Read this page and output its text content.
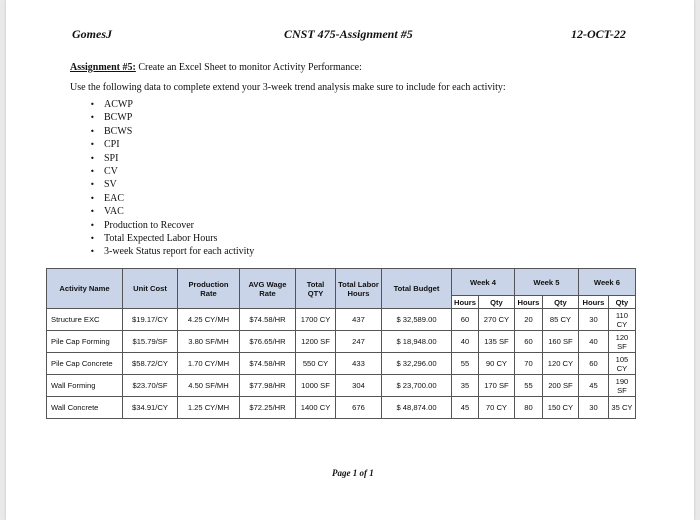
GomesJ	CNST 475-Assignment #5	12-OCT-22
Assignment #5: Create an Excel Sheet to monitor Activity Performance:
Use the following data to complete extend your 3-week trend analysis make sure to include for each activity:
• ACWP
• BCWP
• BCWS
• CPI
• SPI
• CV
• SV
• EAC
• VAC
• Production to Recover
• Total Expected Labor Hours
• 3-week Status report for each activity
Activity Name	Unit Cost	Production Rate	AVG Wage Rate	Total QTY	Total Labor Hours	Total Budget	Week 4		Week 5		Week 6	
							Hours	Qty	Hours	Qty	Hours	Qty
Structure EXC	$19.17/CY	4.25 CY/MH	$74.58/HR	1700 CY	437	$ 32,589.00	60	270 CY	20	85 CY	30	110 CY
Pile Cap Forming	$15.79/SF	3.80 SF/MH	$76.65/HR	1200 SF	247	$ 18,948.00	40	135 SF	60	160 SF	40	120 SF
Pile Cap Concrete	$58.72/CY	1.70 CY/MH	$74.58/HR	550 CY	433	$ 32,296.00	55	90 CY	70	120 CY	60	105 CY
Wall Forming	$23.70/SF	4.50 SF/MH	$77.98/HR	1000 SF	304	$ 23,700.00	35	170 SF	55	200 SF	45	190 SF
Wall Concrete	$34.91/CY	1.25 CY/MH	$72.25/HR	1400 CY	676	$ 48,874.00	45	70 CY	80	150 CY	30	35 CY
Page 1 of 1
